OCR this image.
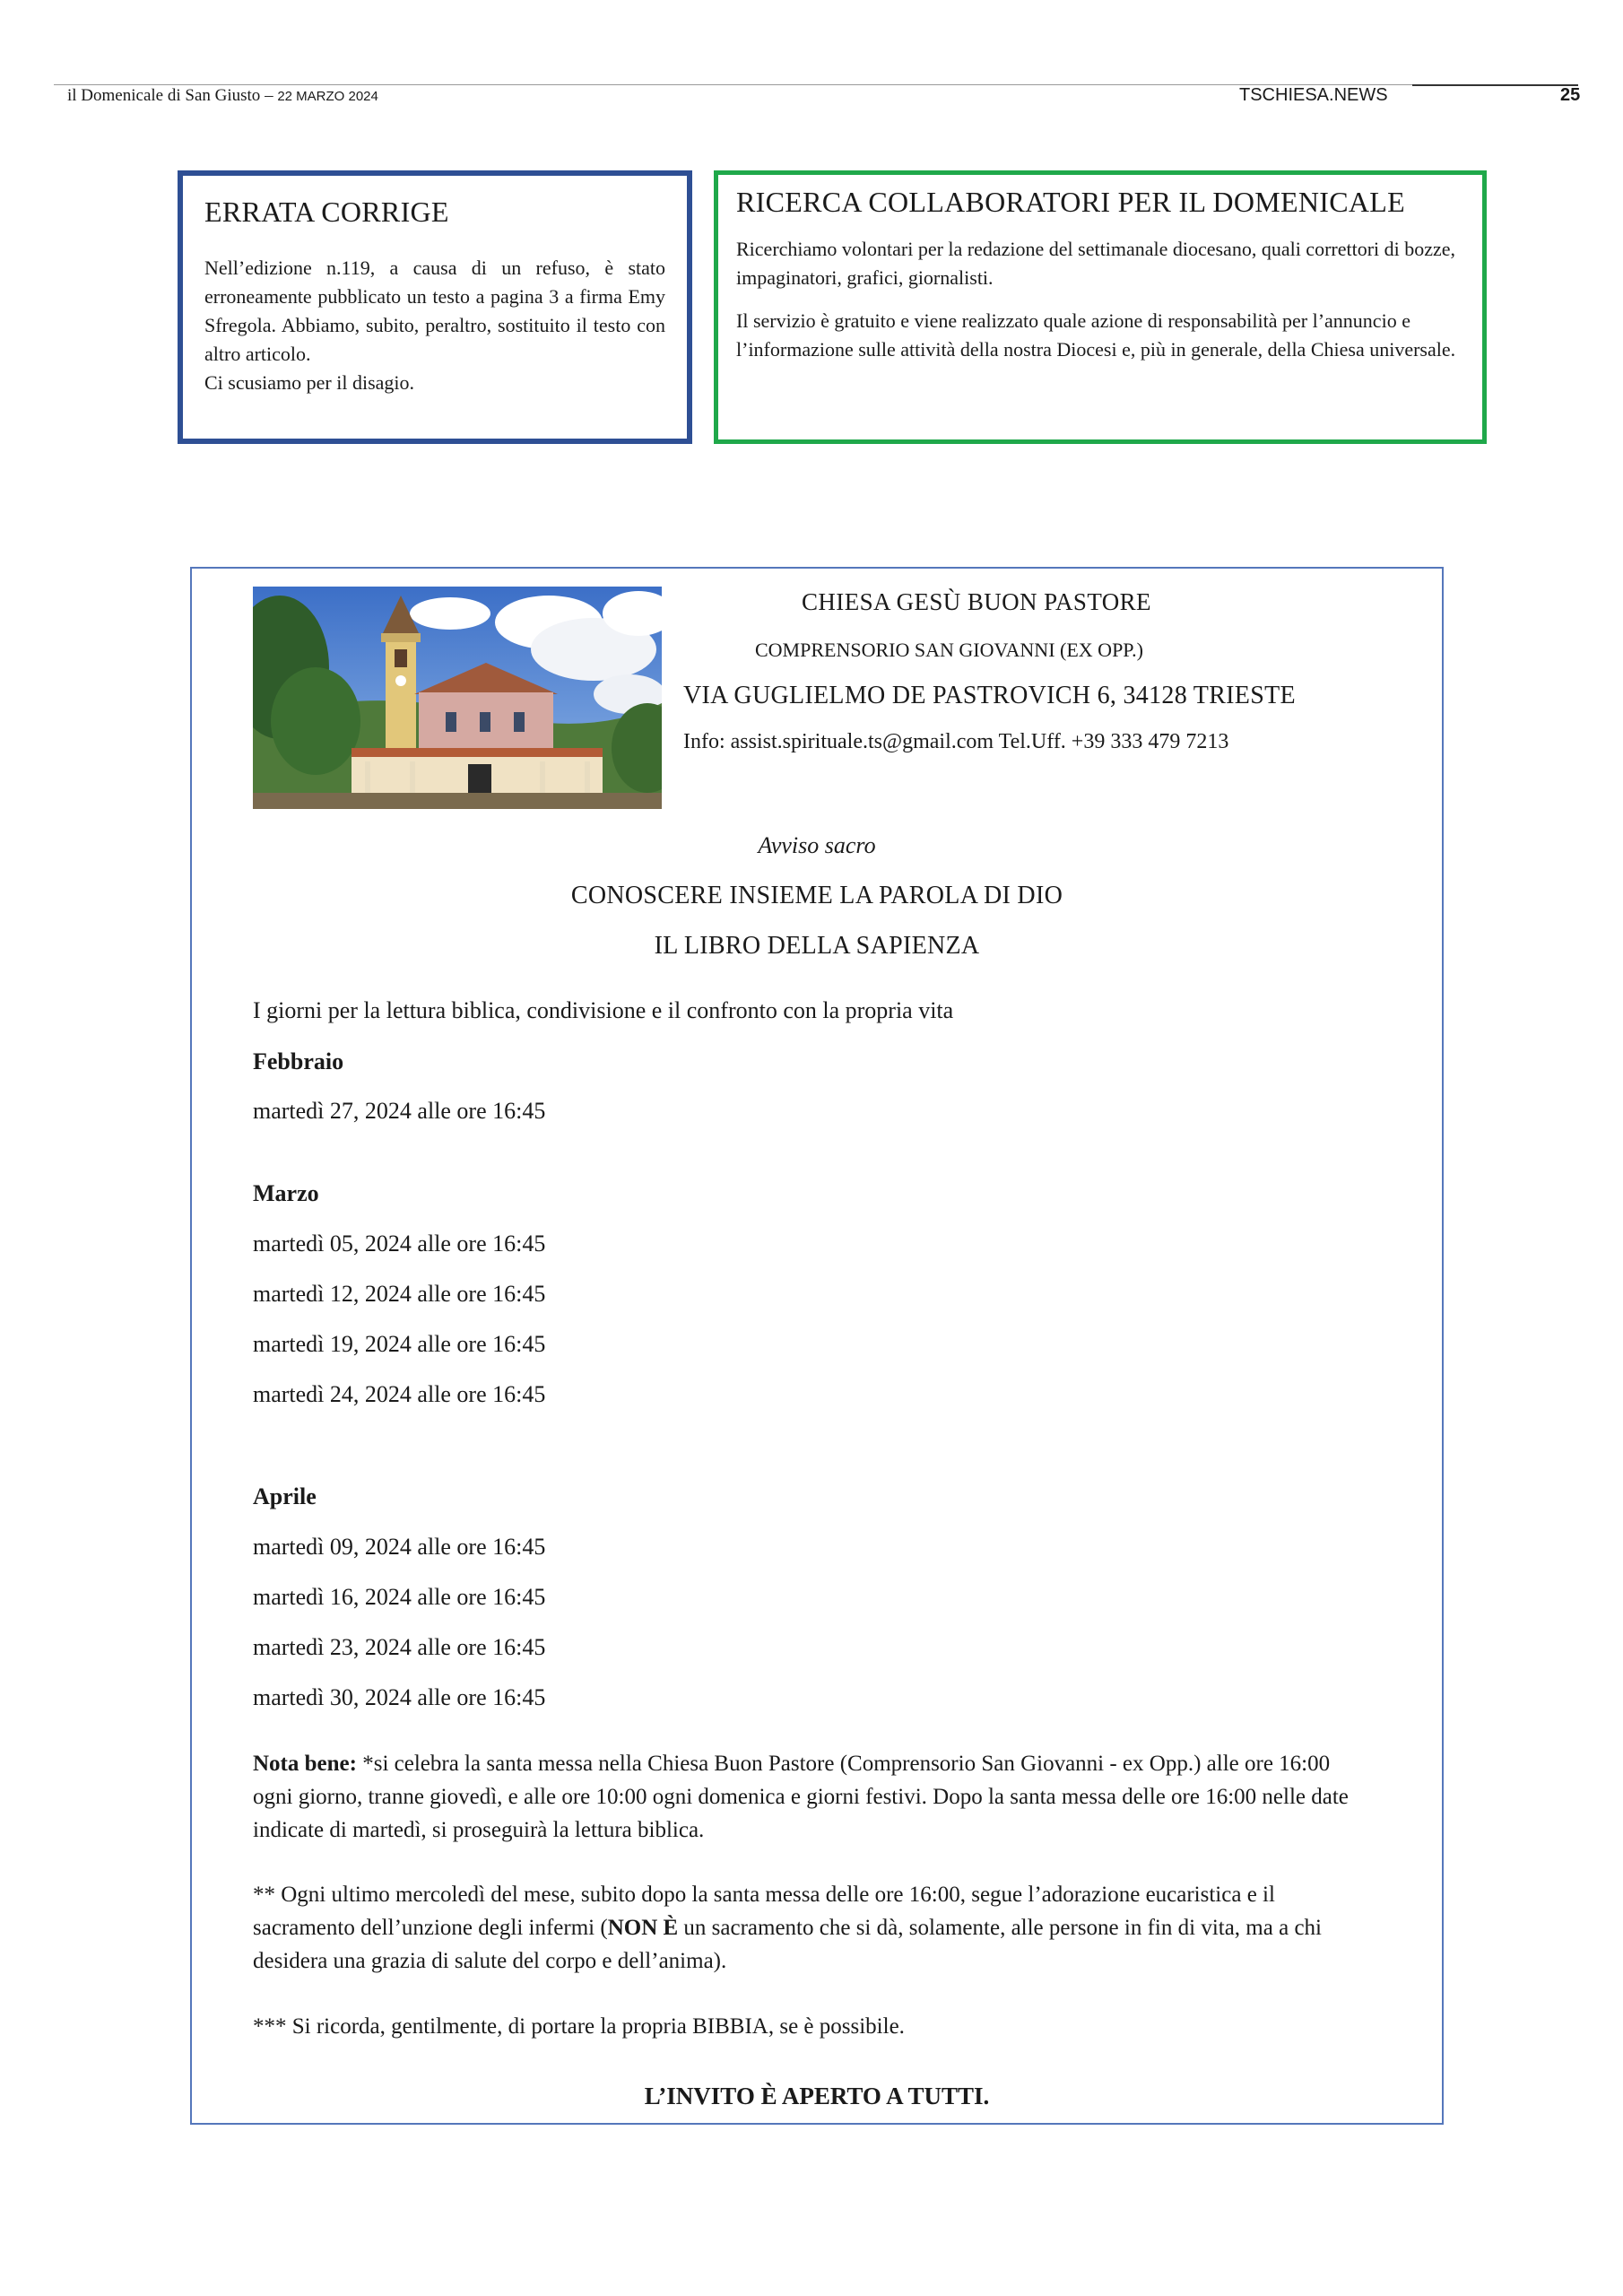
il Domenicale di San Giusto – 22 MARZO 2024	TSCHIESA.NEWS	25
ERRATA CORRIGE
Nell’edizione n.119, a causa di un refuso, è stato erroneamente pubblicato un testo a pagina 3 a firma Emy Sfregola. Abbiamo, subito, peraltro, sostituito il testo con altro articolo.
Ci scusiamo per il disagio.
RICERCA COLLABORATORI PER IL DOMENICALE

Ricerchiamo volontari per la redazione del settimanale diocesano, quali correttori di bozze, impaginatori, grafici, giornalisti.

Il servizio è gratuito e viene realizzato quale azione di responsabilità per l’annuncio e l’informazione sulle attività della nostra Diocesi e, più in generale, della Chiesa universale.

CHIESA GESÙ BUON PASTORE
COMPRENSORIO SAN GIOVANNI (EX OPP.)
VIA GUGLIELMO DE PASTROVICH 6, 34128 TRIESTE
Info: assist.spirituale.ts@gmail.com Tel.Uff. +39 333 479 7213
Avviso sacro
CONOSCERE INSIEME LA PAROLA DI DIO
IL LIBRO DELLA SAPIENZA
I giorni per la lettura biblica, condivisione e il confronto con la propria vita
Febbraio
martedì 27, 2024 alle ore 16:45
Marzo
martedì 05, 2024 alle ore 16:45
martedì 12, 2024 alle ore 16:45
martedì 19, 2024 alle ore 16:45
martedì 24, 2024 alle ore 16:45
Aprile
martedì 09, 2024 alle ore 16:45
martedì 16, 2024 alle ore 16:45
martedì 23, 2024 alle ore 16:45
martedì 30, 2024 alle ore 16:45
Nota bene: *si celebra la santa messa nella Chiesa Buon Pastore (Comprensorio San Giovanni - ex Opp.) alle ore 16:00 ogni giorno, tranne giovedì, e alle ore 10:00 ogni domenica e giorni festivi. Dopo la santa messa delle ore 16:00 nelle date indicate di martedì, si proseguirà la lettura biblica.
** Ogni ultimo mercoledì del mese, subito dopo la santa messa delle ore 16:00, segue l’adorazione eucaristica e il sacramento dell’unzione degli infermi (NON È un sacramento che si dà, solamente, alle persone in fin di vita, ma a chi desidera una grazia di salute del corpo e dell’anima).
*** Si ricorda, gentilmente, di portare la propria BIBBIA, se è possibile.
L’INVITO È APERTO A TUTTI.
